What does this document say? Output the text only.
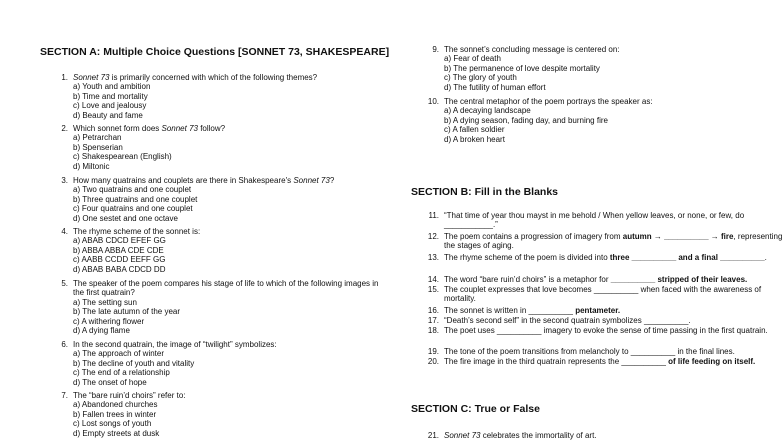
SECTION A: Multiple Choice Questions [SONNET 73, SHAKESPEARE]
1. Sonnet 73 is primarily concerned with which of the following themes?
a) Youth and ambition
b) Time and mortality
c) Love and jealousy
d) Beauty and fame
2. Which sonnet form does Sonnet 73 follow?
a) Petrarchan
b) Spenserian
c) Shakespearean (English)
d) Miltonic
3. How many quatrains and couplets are there in Shakespeare's Sonnet 73?
a) Two quatrains and one couplet
b) Three quatrains and one couplet
c) Four quatrains and one couplet
d) One sestet and one octave
4. The rhyme scheme of the sonnet is:
a) ABAB CDCD EFEF GG
b) ABBA ABBA CDE CDE
c) AABB CCDD EEFF GG
d) ABAB BABA CDCD DD
5. The speaker of the poem compares his stage of life to which of the following images in the first quatrain?
a) The setting sun
b) The late autumn of the year
c) A withering flower
d) A dying flame
6. In the second quatrain, the image of “twilight” symbolizes:
a) The approach of winter
b) The decline of youth and vitality
c) The end of a relationship
d) The onset of hope
7. The “bare ruin’d choirs” refer to:
a) Abandoned churches
b) Fallen trees in winter
c) Lost songs of youth
d) Empty streets at dusk
9. The sonnet’s concluding message is centered on:
a) Fear of death
b) The permanence of love despite mortality
c) The glory of youth
d) The futility of human effort
10. The central metaphor of the poem portrays the speaker as:
a) A decaying landscape
b) A dying season, fading day, and burning fire
c) A fallen soldier
d) A broken heart
SECTION B: Fill in the Blanks
11. “That time of year thou mayst in me behold / When yellow leaves, or none, or few, do ___________.”
12. The poem contains a progression of imagery from autumn → __________ → fire, representing the stages of aging.
13. The rhyme scheme of the poem is divided into three __________ and a final __________.
14. The word “bare ruin’d choirs” is a metaphor for __________ stripped of their leaves.
15. The couplet expresses that love becomes __________ when faced with the awareness of mortality.
16. The sonnet is written in __________ pentameter.
17. “Death’s second self” in the second quatrain symbolizes __________.
18. The poet uses __________ imagery to evoke the sense of time passing in the first quatrain.
19. The tone of the poem transitions from melancholy to __________ in the final lines.
20. The fire image in the third quatrain represents the __________ of life feeding on itself.
SECTION C: True or False
21. Sonnet 73 celebrates the immortality of art.
